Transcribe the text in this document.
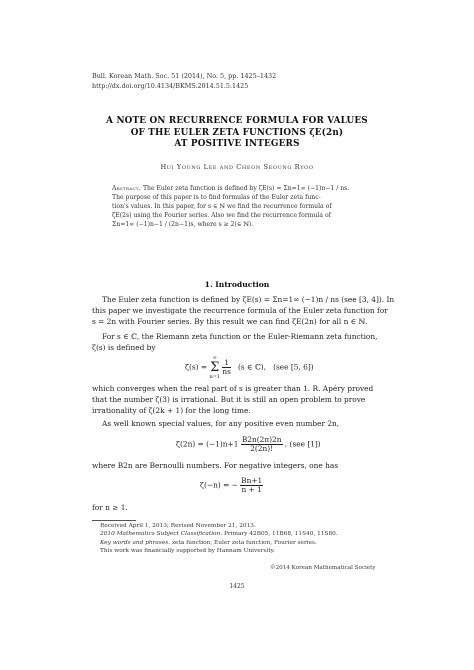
Bull. Korean Math. Soc. 51 (2014), No. 5, pp. 1425–1432
http://dx.doi.org/10.4134/BKMS.2014.51.5.1425
A NOTE ON RECURRENCE FORMULA FOR VALUES
OF THE EULER ZETA FUNCTIONS ζE(2n)
AT POSITIVE INTEGERS
Hui Young Lee and Cheon Seoung Ryoo
Abstract. The Euler zeta function is defined by ζE(s) = Σn=1∞ (−1)n−1 / ns.
The purpose of this paper is to find formulas of the Euler zeta func-
tion's values. In this paper, for s ∈ ℕ we find the recurrence formula of
ζE(2s) using the Fourier series. Also we find the recurrence formula of
Σn=1∞ (−1)n−1 / (2n−1)s, where s ≥ 2(∈ ℕ).
1. Introduction
The Euler zeta function is defined by ζE(s) = Σn=1∞ (−1)n / ns (see [3, 4]). In
this paper we investigate the recurrence formula of the Euler zeta function for
s = 2n with Fourier series. By this result we can find ζE(2n) for all n ∈ ℕ.
For s ∈ ℂ, the Riemann zeta function or the Euler-Riemann zeta function,
ζ(s) is defined by
ζ(s) =
∞
Σ
n=1

$\frac{1}{ns} (s$ ∈ ℂ), (see [5, 6])
which converges when the real part of s is greater than 1. R. Apéry proved
that the number ζ(3) is irrational. But it is still an open problem to prove
irrationality of ζ(2k + 1) for the long time.
As well known special values, for any positive even number 2n,
$\zeta(2n) = (-1)n+1 \frac{B2n(2\pi)2n}{2(2n)!}$ , (see [1])
where B2n are Bernoulli numbers. For negative integers, one has
ζ(−n) = − $\frac{Bn+1}{n + 1}$
for n ≥ 1.
Received April 1, 2013; Revised November 21, 2013.
2010 Mathematics Subject Classification. Primary 42B05, 11B68, 11S40, 11S80.
Key words and phrases. zeta function, Euler zeta function, Fourier series.
This work was financially supported by Hannam University.
©2014 Korean Mathematical Society
1425
